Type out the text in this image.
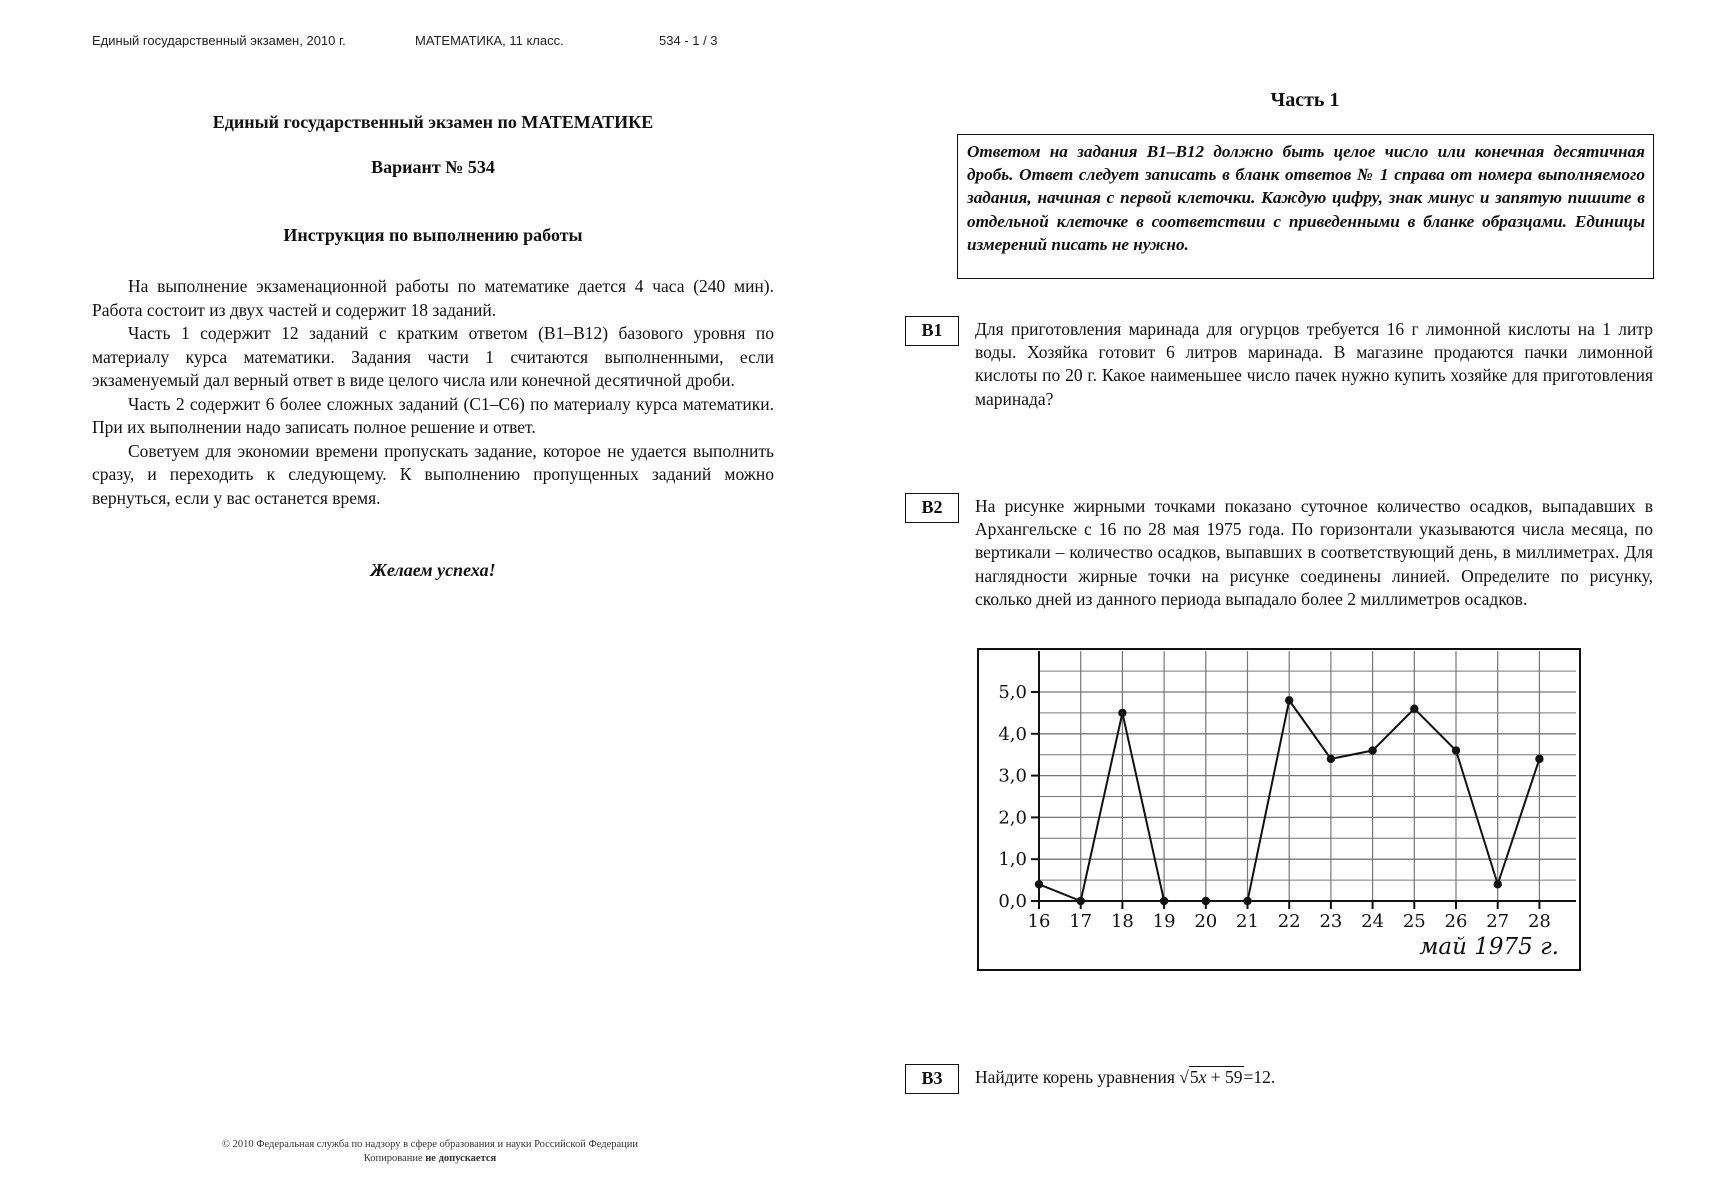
Единый государственный экзамен, 2010 г.	МАТЕМАТИКА, 11 класс.	534 - 1 / 3
Единый государственный экзамен по МАТЕМАТИКЕ
Вариант № 534
Инструкция по выполнению работы

На выполнение экзаменационной работы по математике дается 4 часа (240 мин). Работа состоит из двух частей и содержит 18 заданий.

Часть 1 содержит 12 заданий с кратким ответом (В1–В12) базового уровня по материалу курса математики. Задания части 1 считаются выполненными, если экзаменуемый дал верный ответ в виде целого числа или конечной десятичной дроби.

Часть 2 содержит 6 более сложных заданий (С1–С6) по материалу курса математики. При их выполнении надо записать полное решение и ответ.

Советуем для экономии времени пропускать задание, которое не удается выполнить сразу, и переходить к следующему. К выполнению пропущенных заданий можно вернуться, если у вас останется время.

Желаем успеха!
Часть 1
Ответом на задания В1–В12 должно быть целое число или конечная десятичная дробь. Ответ следует записать в бланк ответов № 1 справа от номера выполняемого задания, начиная с первой клеточки. Каждую цифру, знак минус и запятую пишите в отдельной клеточке в соответствии с приведенными в бланке образцами. Единицы измерений писать не нужно.
B1	Для приготовления маринада для огурцов требуется 16 г лимонной кислоты на 1 литр воды. Хозяйка готовит 6 литров маринада. В магазине продаются пачки лимонной кислоты по 20 г. Какое наименьшее число пачек нужно купить хозяйке для приготовления маринада?

B2	На рисунке жирными точками показано суточное количество осадков, выпадавших в Архангельске с 16 по 28 мая 1975 года. По горизонтали указываются числа месяца, по вертикали – количество осадков, выпавших в соответствующий день, в миллиметрах. Для наглядности жирные точки на рисунке соединены линией. Определите по рисунку, сколько дней из данного периода выпадало более 2 миллиметров осадков.

0,0
1,0
2,0
3,0
4,0
5,0
16 17 18 19 20 21 22 23 24 25 26 27 28
май 1975 г.
B3	Найдите корень уравнения √5x + 59=12.
© 2010 Федеральная служба по надзору в сфере образования и науки Российской Федерации
Копирование не допускается
